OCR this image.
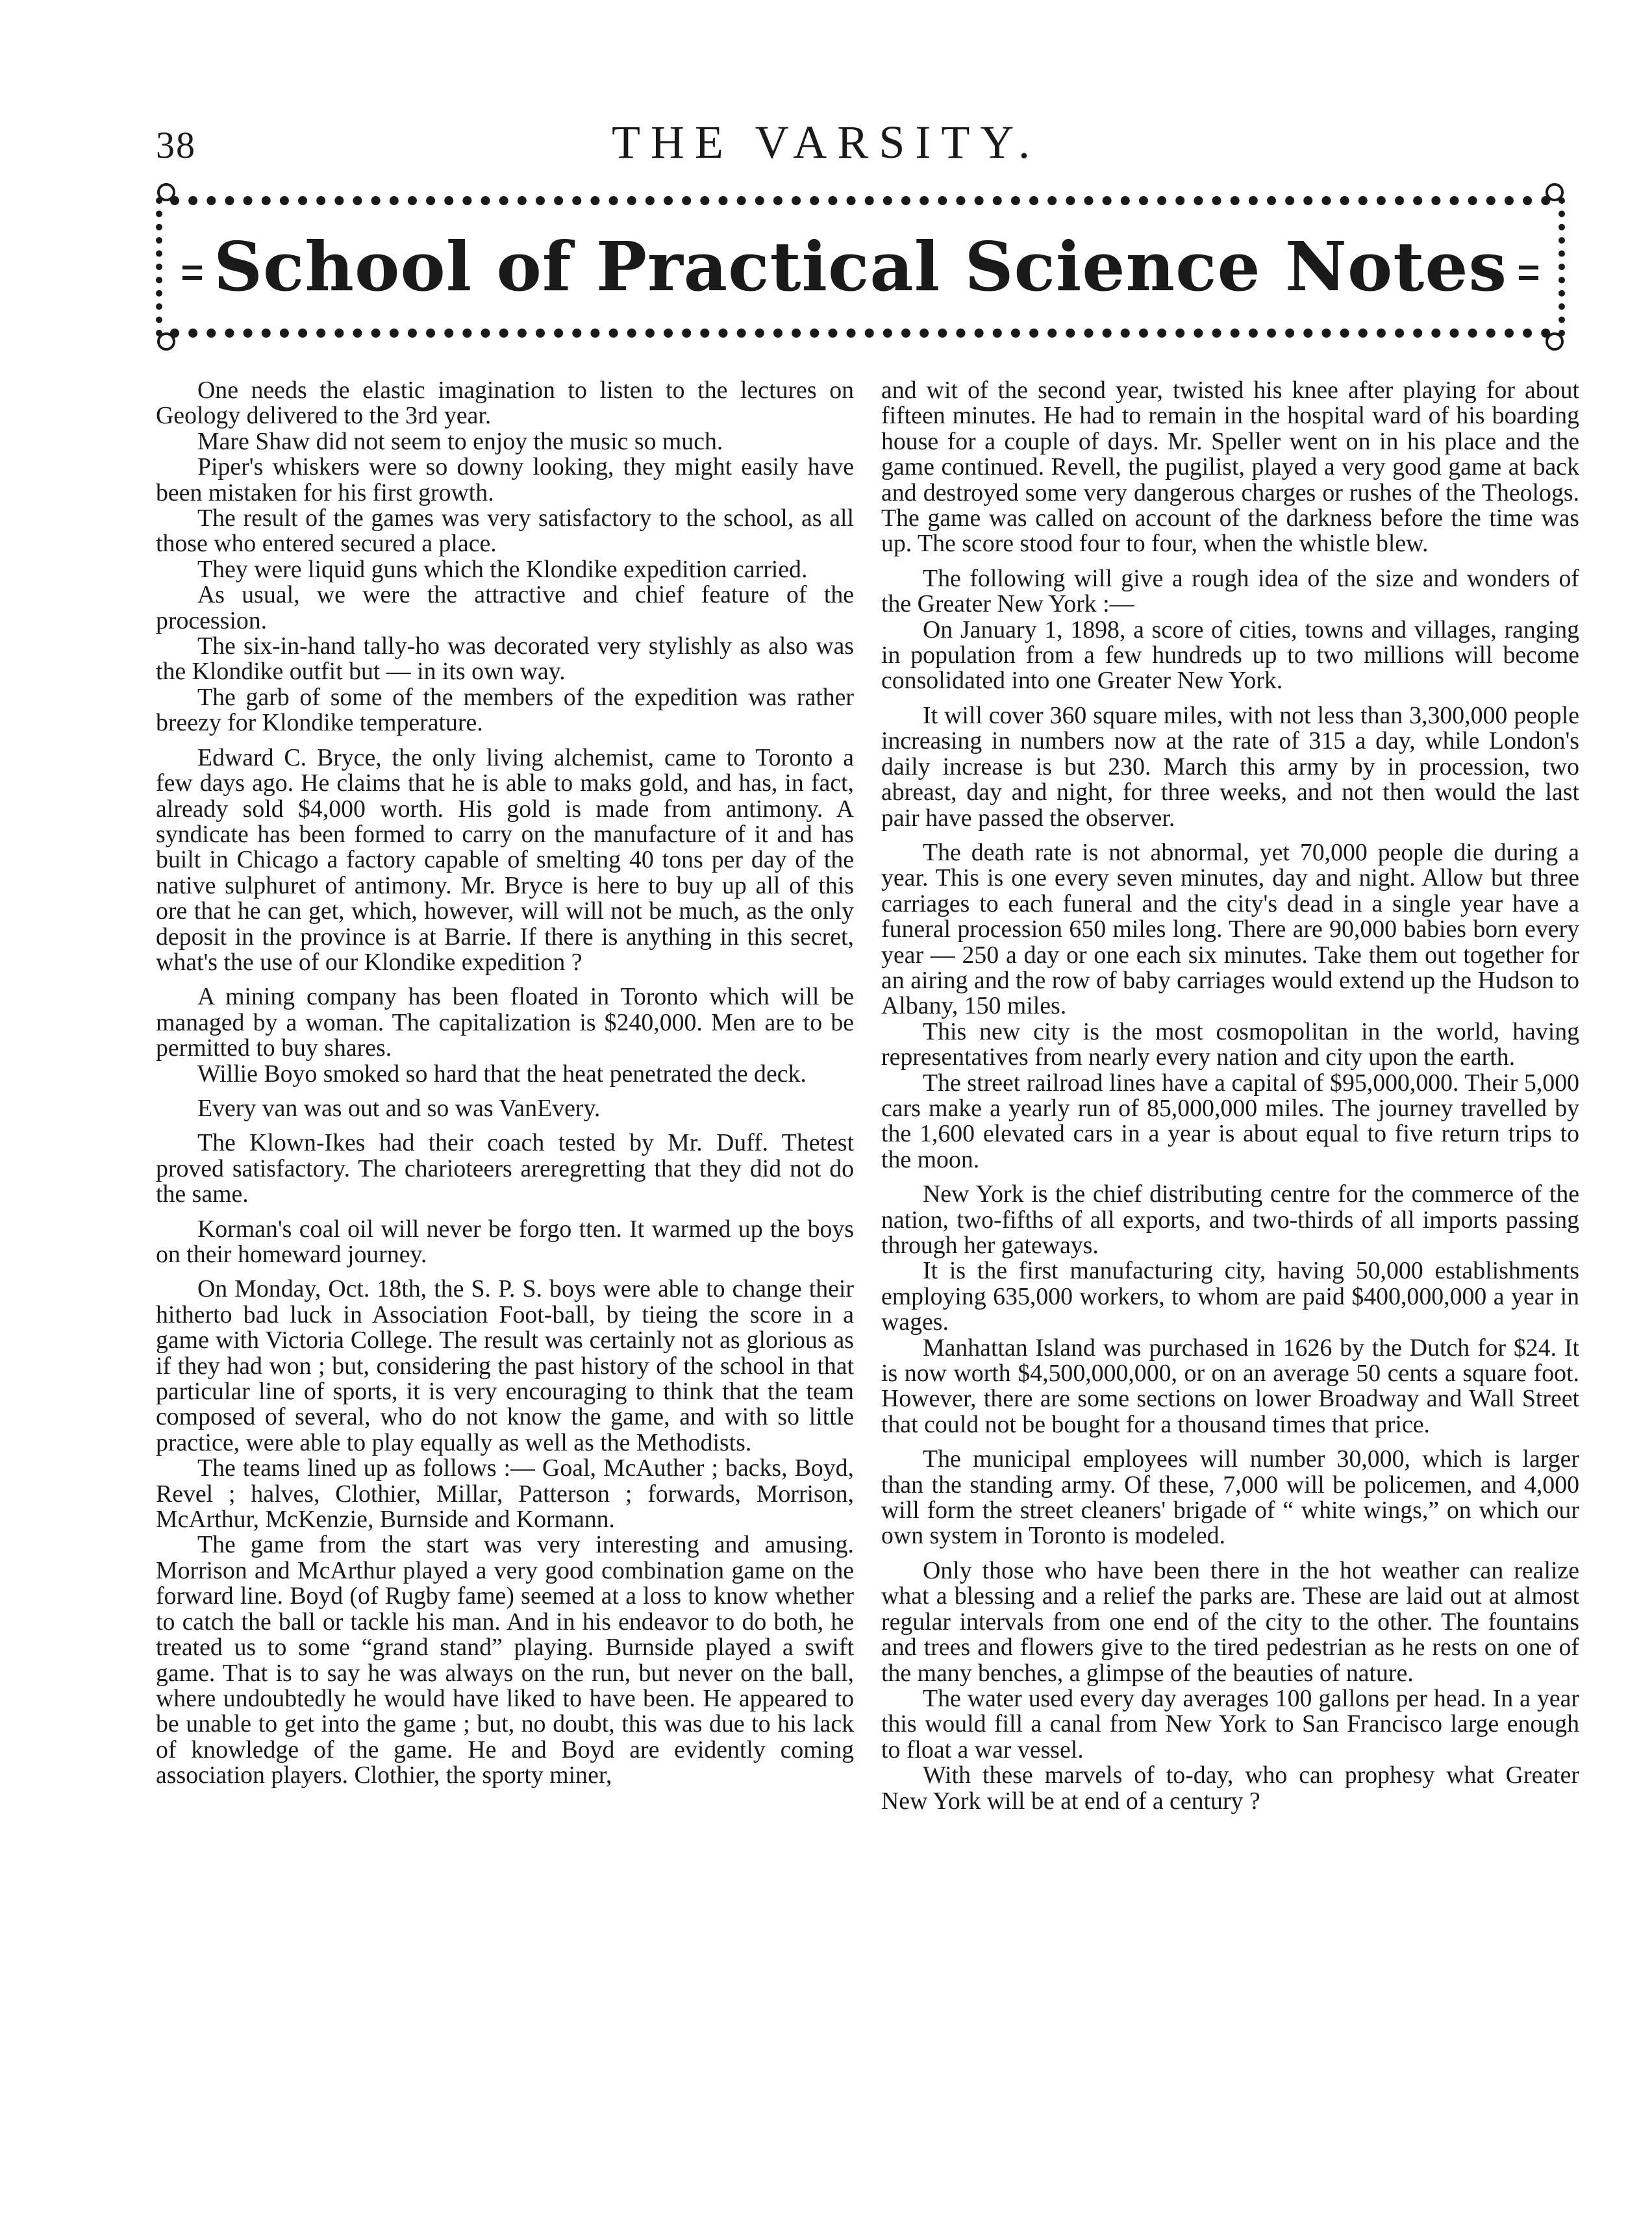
38	THE VARSITY.
School of Practical Science Notes

One needs the elastic imagination to listen to the lectures on Geology delivered to the 3rd year.

Mare Shaw did not seem to enjoy the music so much.

Piper's whiskers were so downy looking, they might easily have been mistaken for his first growth.

The result of the games was very satisfactory to the school, as all those who entered secured a place.

They were liquid guns which the Klondike expedition carried.

As usual, we were the attractive and chief feature of the procession.

The six-in-hand tally-ho was decorated very stylishly as also was the Klondike outfit but — in its own way.

The garb of some of the members of the expedition was rather breezy for Klondike temperature.

Edward C. Bryce, the only living alchemist, came to Toronto a few days ago. He claims that he is able to maks gold, and has, in fact, already sold $4,000 worth. His gold is made from antimony. A syndicate has been formed to carry on the manufacture of it and has built in Chicago a factory capable of smelting 40 tons per day of the native sulphuret of antimony. Mr. Bryce is here to buy up all of this ore that he can get, which, however, will will not be much, as the only deposit in the province is at Barrie. If there is anything in this secret, what's the use of our Klondike expedition ?

A mining company has been floated in Toronto which will be managed by a woman. The capitalization is $240,000. Men are to be permitted to buy shares.

Willie Boyo smoked so hard that the heat penetrated the deck.

Every van was out and so was VanEvery.

The Klown-Ikes had their coach tested by Mr. Duff. Thetest proved satisfactory. The charioteers areregretting that they did not do the same.

Korman's coal oil will never be forgo tten. It warmed up the boys on their homeward journey.

On Monday, Oct. 18th, the S. P. S. boys were able to change their hitherto bad luck in Association Foot-ball, by tieing the score in a game with Victoria College. The result was certainly not as glorious as if they had won ; but, considering the past history of the school in that particular line of sports, it is very encouraging to think that the team composed of several, who do not know the game, and with so little practice, were able to play equally as well as the Methodists.

The teams lined up as follows :— Goal, McAuther ; backs, Boyd, Revel ; halves, Clothier, Millar, Patterson ; forwards, Morrison, McArthur, McKenzie, Burnside and Kormann.

The game from the start was very interesting and amusing. Morrison and McArthur played a very good combination game on the forward line. Boyd (of Rugby fame) seemed at a loss to know whether to catch the ball or tackle his man. And in his endeavor to do both, he treated us to some “grand stand” playing. Burnside played a swift game. That is to say he was always on the run, but never on the ball, where undoubtedly he would have liked to have been. He appeared to be unable to get into the game ; but, no doubt, this was due to his lack of knowledge of the game. He and Boyd are evidently coming association players. Clothier, the sporty miner,

and wit of the second year, twisted his knee after playing for about fifteen minutes. He had to remain in the hospital ward of his boarding house for a couple of days. Mr. Speller went on in his place and the game continued. Revell, the pugilist, played a very good game at back and destroyed some very dangerous charges or rushes of the Theologs. The game was called on account of the darkness before the time was up. The score stood four to four, when the whistle blew.

The following will give a rough idea of the size and wonders of the Greater New York :—

On January 1, 1898, a score of cities, towns and villages, ranging in population from a few hundreds up to two millions will become consolidated into one Greater New York.

It will cover 360 square miles, with not less than 3,300,000 people increasing in numbers now at the rate of 315 a day, while London's daily increase is but 230. March this army by in procession, two abreast, day and night, for three weeks, and not then would the last pair have passed the observer.

The death rate is not abnormal, yet 70,000 people die during a year. This is one every seven minutes, day and night. Allow but three carriages to each funeral and the city's dead in a single year have a funeral procession 650 miles long. There are 90,000 babies born every year — 250 a day or one each six minutes. Take them out together for an airing and the row of baby carriages would extend up the Hudson to Albany, 150 miles.

This new city is the most cosmopolitan in the world, having representatives from nearly every nation and city upon the earth.

The street railroad lines have a capital of $95,000,000. Their 5,000 cars make a yearly run of 85,000,000 miles. The journey travelled by the 1,600 elevated cars in a year is about equal to five return trips to the moon.

New York is the chief distributing centre for the commerce of the nation, two-fifths of all exports, and two-thirds of all imports passing through her gateways.

It is the first manufacturing city, having 50,000 establishments employing 635,000 workers, to whom are paid $400,000,000 a year in wages.

Manhattan Island was purchased in 1626 by the Dutch for $24. It is now worth $4,500,000,000, or on an average 50 cents a square foot. However, there are some sections on lower Broadway and Wall Street that could not be bought for a thousand times that price.

The municipal employees will number 30,000, which is larger than the standing army. Of these, 7,000 will be policemen, and 4,000 will form the street cleaners' brigade of “ white wings,” on which our own system in Toronto is modeled.

Only those who have been there in the hot weather can realize what a blessing and a relief the parks are. These are laid out at almost regular intervals from one end of the city to the other. The fountains and trees and flowers give to the tired pedestrian as he rests on one of the many benches, a glimpse of the beauties of nature.

The water used every day averages 100 gallons per head. In a year this would fill a canal from New York to San Francisco large enough to float a war vessel.

With these marvels of to-day, who can prophesy what Greater New York will be at end of a century ?
